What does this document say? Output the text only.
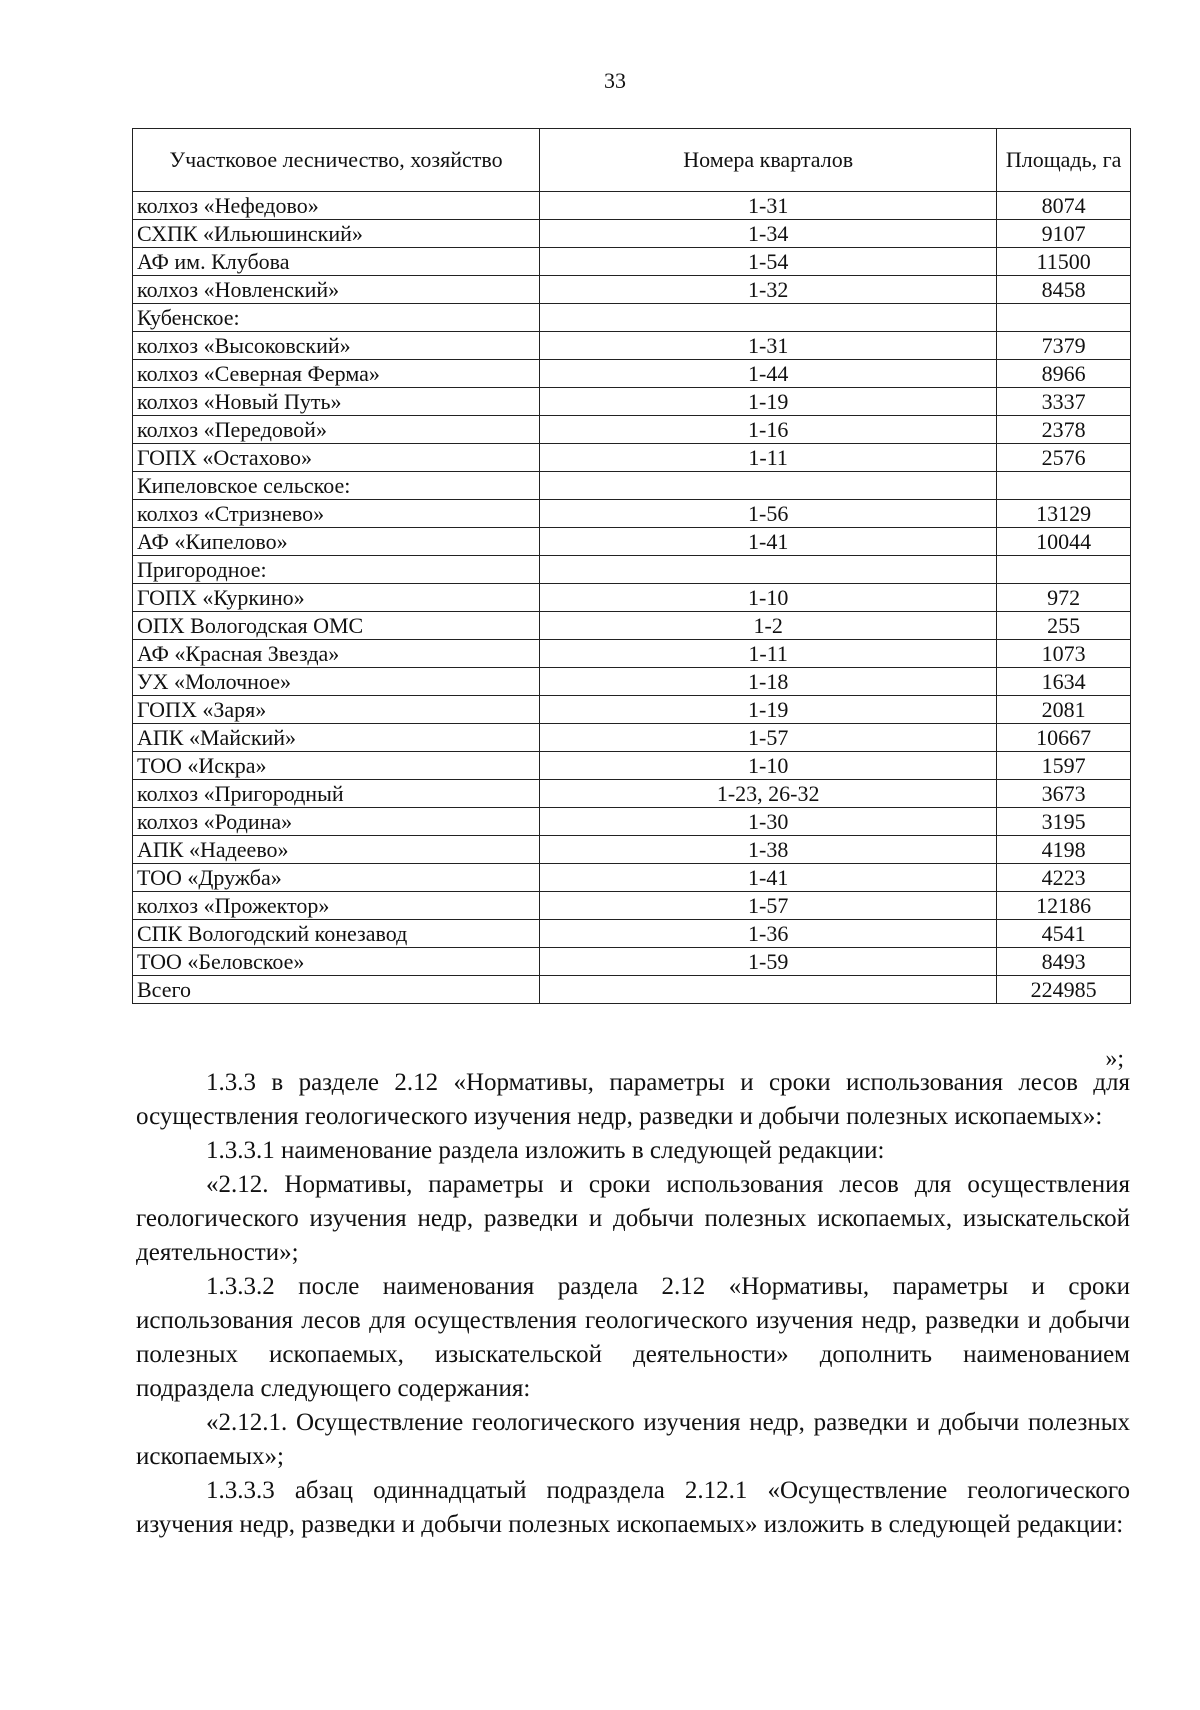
33
Участковое лесничество, хозяйство	Номера кварталов	Площадь, га
колхоз «Нефедово»	1-31	8074
СХПК «Ильюшинский»	1-34	9107
АФ им. Клубова	1-54	11500
колхоз «Новленский»	1-32	8458
Кубенское:		
колхоз «Высоковский»	1-31	7379
колхоз «Северная Ферма»	1-44	8966
колхоз «Новый Путь»	1-19	3337
колхоз «Передовой»	1-16	2378
ГОПХ «Остахово»	1-11	2576
Кипеловское сельское:		
колхоз «Стризнево»	1-56	13129
АФ «Кипелово»	1-41	10044
Пригородное:		
ГОПХ «Куркино»	1-10	972
ОПХ Вологодская ОМС	1-2	255
АФ «Красная Звезда»	1-11	1073
УХ «Молочное»	1-18	1634
ГОПХ «Заря»	1-19	2081
АПК «Майский»	1-57	10667
ТОО «Искра»	1-10	1597
колхоз «Пригородный	1-23, 26-32	3673
колхоз «Родина»	1-30	3195
АПК «Надеево»	1-38	4198
ТОО «Дружба»	1-41	4223
колхоз «Прожектор»	1-57	12186
СПК Вологодский конезавод	1-36	4541
ТОО «Беловское»	1-59	8493
Всего		224985
»;

1.3.3 в разделе 2.12 «Нормативы, параметры и сроки использования лесов для осуществления геологического изучения недр, разведки и добычи полезных ископаемых»:

1.3.3.1 наименование раздела изложить в следующей редакции:

«2.12. Нормативы, параметры и сроки использования лесов для осуществления геологического изучения недр, разведки и добычи полезных ископаемых, изыскательской деятельности»;

1.3.3.2 после наименования раздела 2.12 «Нормативы, параметры и сроки использования лесов для осуществления геологического изучения недр, разведки и добычи полезных ископаемых, изыскательской деятельности» дополнить наименованием подраздела следующего содержания:

«2.12.1. Осуществление геологического изучения недр, разведки и добычи полезных ископаемых»;

1.3.3.3 абзац одиннадцатый подраздела 2.12.1 «Осуществление геологического изучения недр, разведки и добычи полезных ископаемых» изложить в следующей редакции:
